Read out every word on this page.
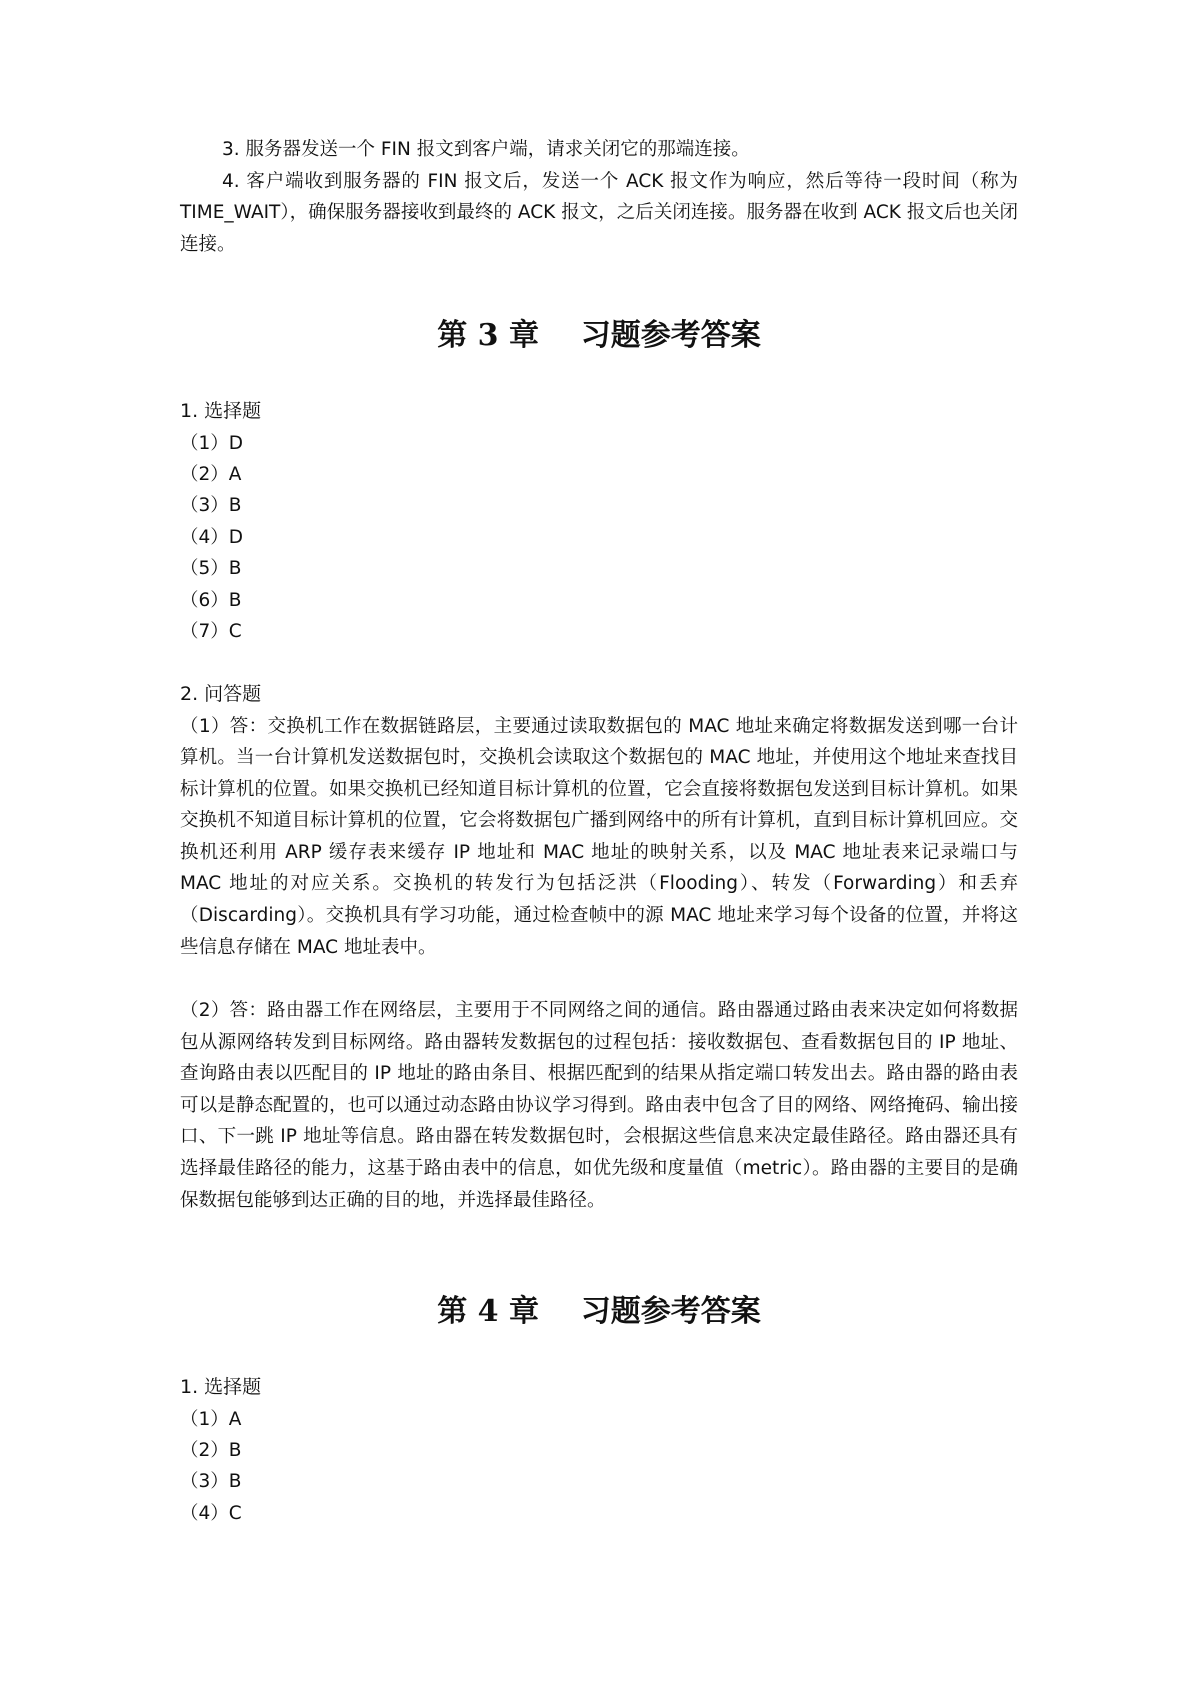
3. 服务器发送一个 FIN 报文到客户端，请求关闭它的那端连接。

4. 客户端收到服务器的 FIN 报文后，发送一个 ACK 报文作为响应，然后等待一段时间（称为 TIME_WAIT），确保服务器接收到最终的 ACK 报文，之后关闭连接。服务器在收到 ACK 报文后也关闭连接。

第 3 章    习题参考答案

1. 选择题

（1）D

（2）A

（3）B

（4）D

（5）B

（6）B

（7）C

2. 问答题

（1）答：交换机工作在数据链路层，主要通过读取数据包的 MAC 地址来确定将数据发送到哪一台计算机。当一台计算机发送数据包时，交换机会读取这个数据包的 MAC 地址，并使用这个地址来查找目标计算机的位置。如果交换机已经知道目标计算机的位置，它会直接将数据包发送到目标计算机。如果交换机不知道目标计算机的位置，它会将数据包广播到网络中的所有计算机，直到目标计算机回应。交换机还利用 ARP 缓存表来缓存 IP 地址和 MAC 地址的映射关系，以及 MAC 地址表来记录端口与 MAC 地址的对应关系。交换机的转发行为包括泛洪（Flooding）、转发（Forwarding）和丢弃（Discarding）。交换机具有学习功能，通过检查帧中的源 MAC 地址来学习每个设备的位置，并将这些信息存储在 MAC 地址表中。

（2）答：路由器工作在网络层，主要用于不同网络之间的通信。路由器通过路由表来决定如何将数据包从源网络转发到目标网络。路由器转发数据包的过程包括：接收数据包、查看数据包目的 IP 地址、查询路由表以匹配目的 IP 地址的路由条目、根据匹配到的结果从指定端口转发出去。路由器的路由表可以是静态配置的，也可以通过动态路由协议学习得到。路由表中包含了目的网络、网络掩码、输出接口、下一跳 IP 地址等信息。路由器在转发数据包时，会根据这些信息来决定最佳路径。路由器还具有选择最佳路径的能力，这基于路由表中的信息，如优先级和度量值（metric）。路由器的主要目的是确保数据包能够到达正确的目的地，并选择最佳路径。

第 4 章    习题参考答案

1. 选择题

（1）A

（2）B

（3）B

（4）C
